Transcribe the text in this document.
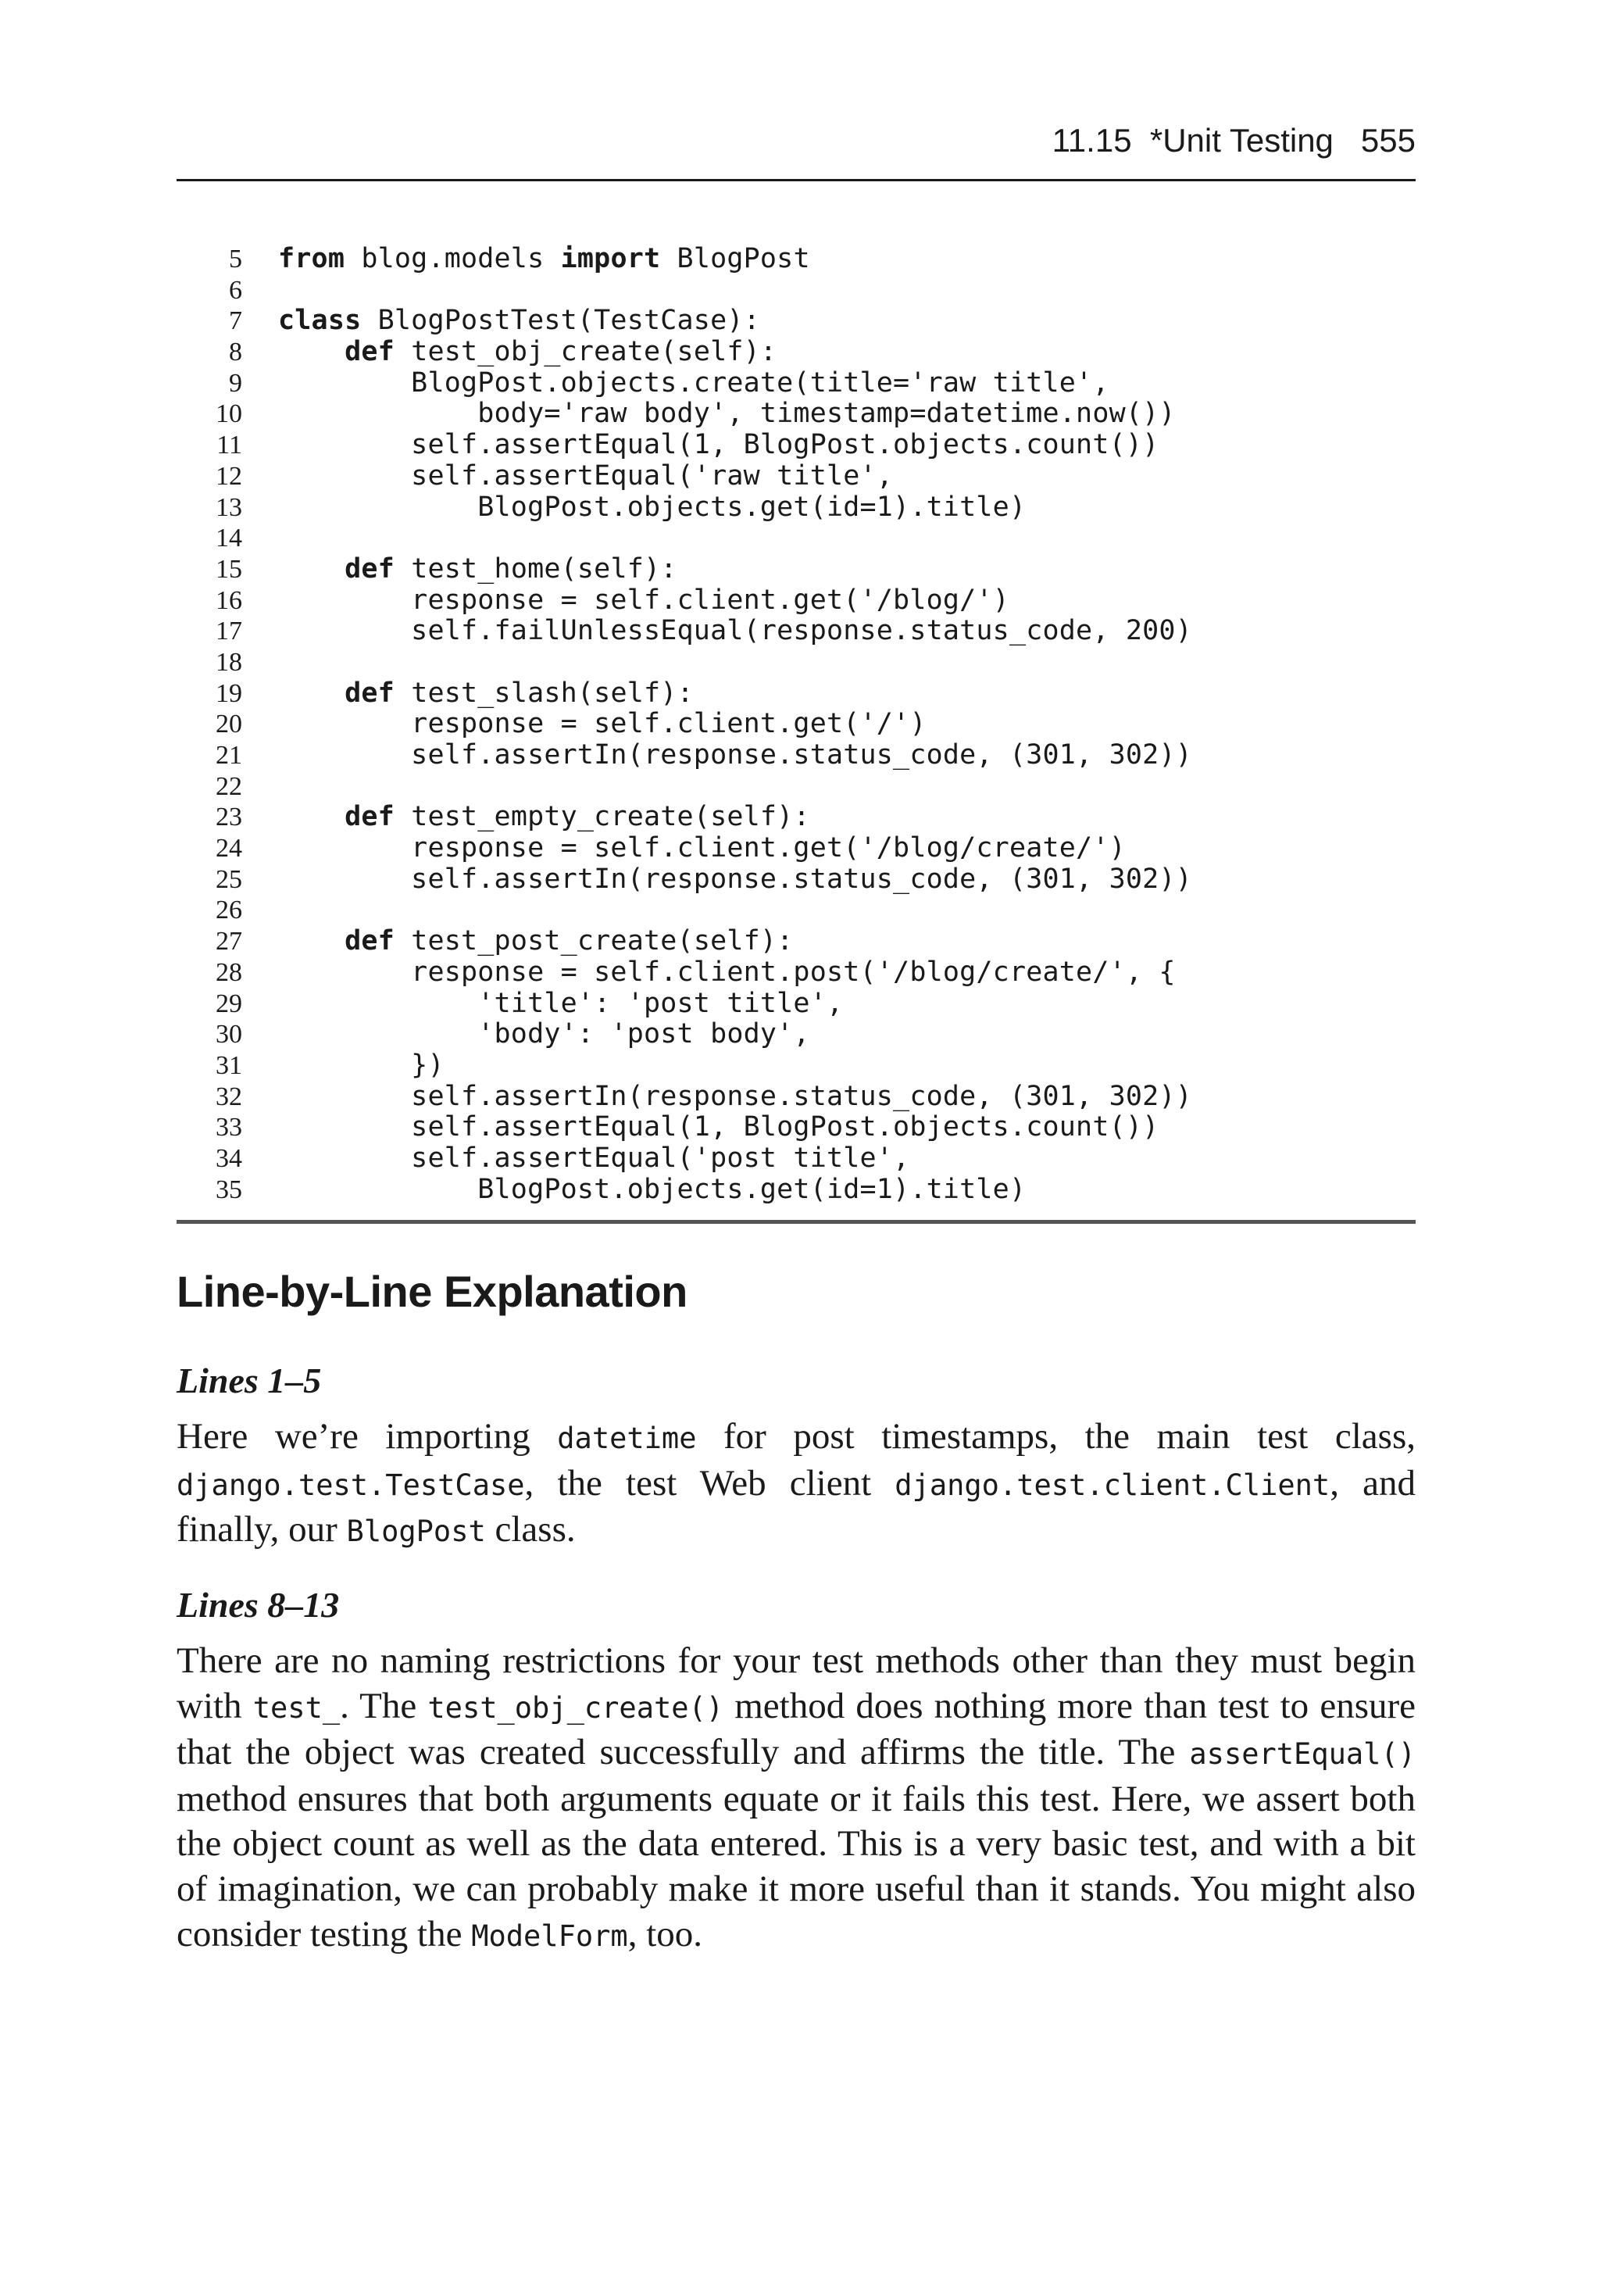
11.15  *Unit Testing 555
5 from blog.models import BlogPost
6
7 class BlogPostTest(TestCase):
8	def test_obj_create(self):
9 BlogPost.objects.create(title='raw title',
10 body='raw body', timestamp=datetime.now())
11 self.assertEqual(1, BlogPost.objects.count())
12 self.assertEqual('raw title',
13 BlogPost.objects.get(id=1).title)
14
15	def test_home(self):
16 response = self.client.get('/blog/')
17 self.failUnlessEqual(response.status_code, 200)
18
19	def test_slash(self):
20 response = self.client.get('/')
21 self.assertIn(response.status_code, (301, 302))
22
23	def test_empty_create(self):
24 response = self.client.get('/blog/create/')
25 self.assertIn(response.status_code, (301, 302))
26
27	def test_post_create(self):
28 response = self.client.post('/blog/create/', {
29 'title': 'post title',
30 'body': 'post body',
31 })
32 self.assertIn(response.status_code, (301, 302))
33 self.assertEqual(1, BlogPost.objects.count())
34 self.assertEqual('post title',
35 BlogPost.objects.get(id=1).title)
Line-by-Line Explanation

Lines 1–5

Here we’re importing datetime for post timestamps, the main test class, django.test.TestCase, the test Web client django.test.client.Client, and finally, our BlogPost class.

Lines 8–13

There are no naming restrictions for your test methods other than they must begin with test_. The test_obj_create() method does nothing more than test to ensure that the object was created successfully and affirms the title. The assertEqual() method ensures that both arguments equate or it fails this test. Here, we assert both the object count as well as the data entered. This is a very basic test, and with a bit of imagination, we can probably make it more useful than it stands. You might also consider testing the ModelForm, too.
